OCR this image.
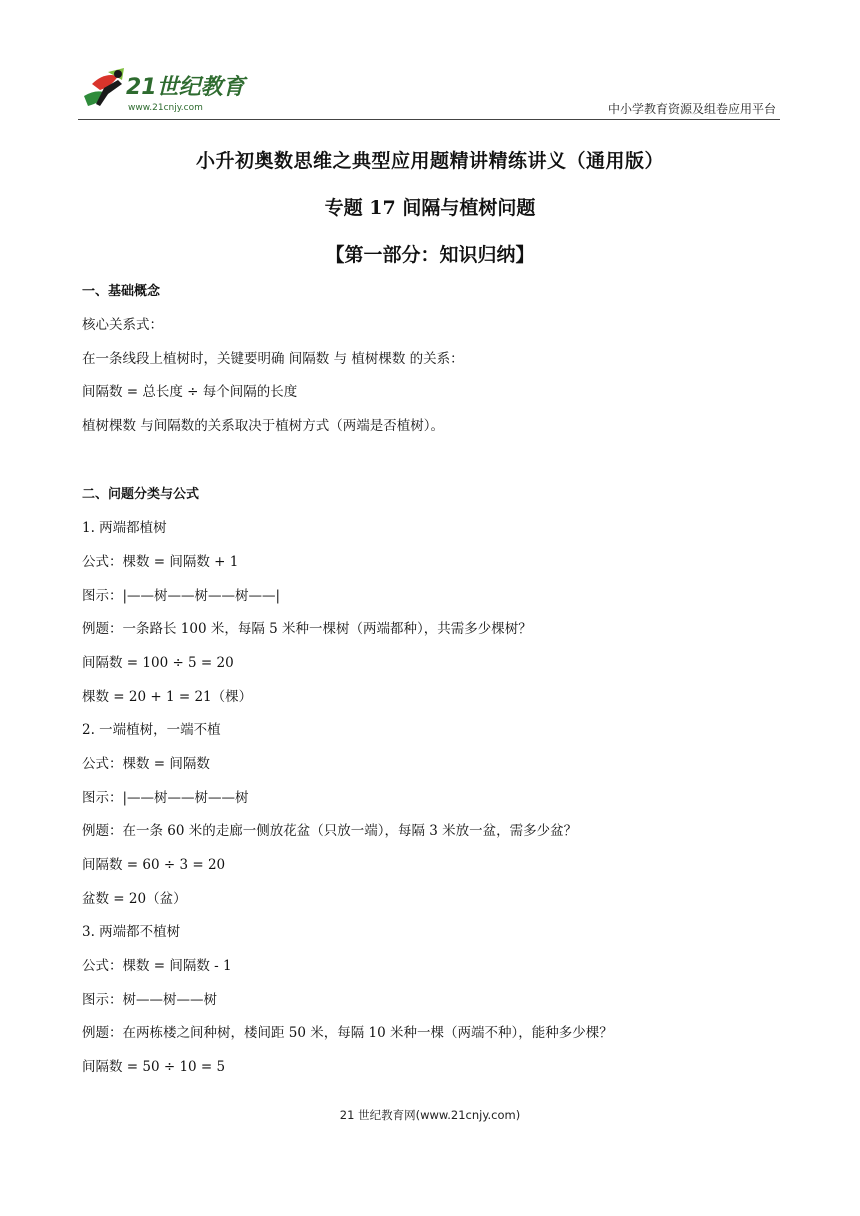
21世纪教育
www.21cnjy.com	中小学教育资源及组卷应用平台
小升初奥数思维之典型应用题精讲精练讲义（通用版）
专题 17 间隔与植树问题
【第一部分：知识归纳】
一、基础概念
核心关系式：
在一条线段上植树时，关键要明确 间隔数 与 植树棵数 的关系：
间隔数 = 总长度 ÷ 每个间隔的长度
植树棵数 与间隔数的关系取决于植树方式（两端是否植树）。
二、问题分类与公式
1. 两端都植树
公式：棵数 = 间隔数 + 1
图示：|——树——树——树——|
例题：一条路长 100 米，每隔 5 米种一棵树（两端都种），共需多少棵树？
间隔数 = 100 ÷ 5 = 20
棵数 = 20 + 1 = 21（棵）
2. 一端植树，一端不植
公式：棵数 = 间隔数
图示：|——树——树——树
例题：在一条 60 米的走廊一侧放花盆（只放一端），每隔 3 米放一盆，需多少盆？
间隔数 = 60 ÷ 3 = 20
盆数 = 20（盆）
3. 两端都不植树
公式：棵数 = 间隔数 - 1
图示：树——树——树
例题：在两栋楼之间种树，楼间距 50 米，每隔 10 米种一棵（两端不种），能种多少棵？
间隔数 = 50 ÷ 10 = 5
21 世纪教育网(www.21cnjy.com)
